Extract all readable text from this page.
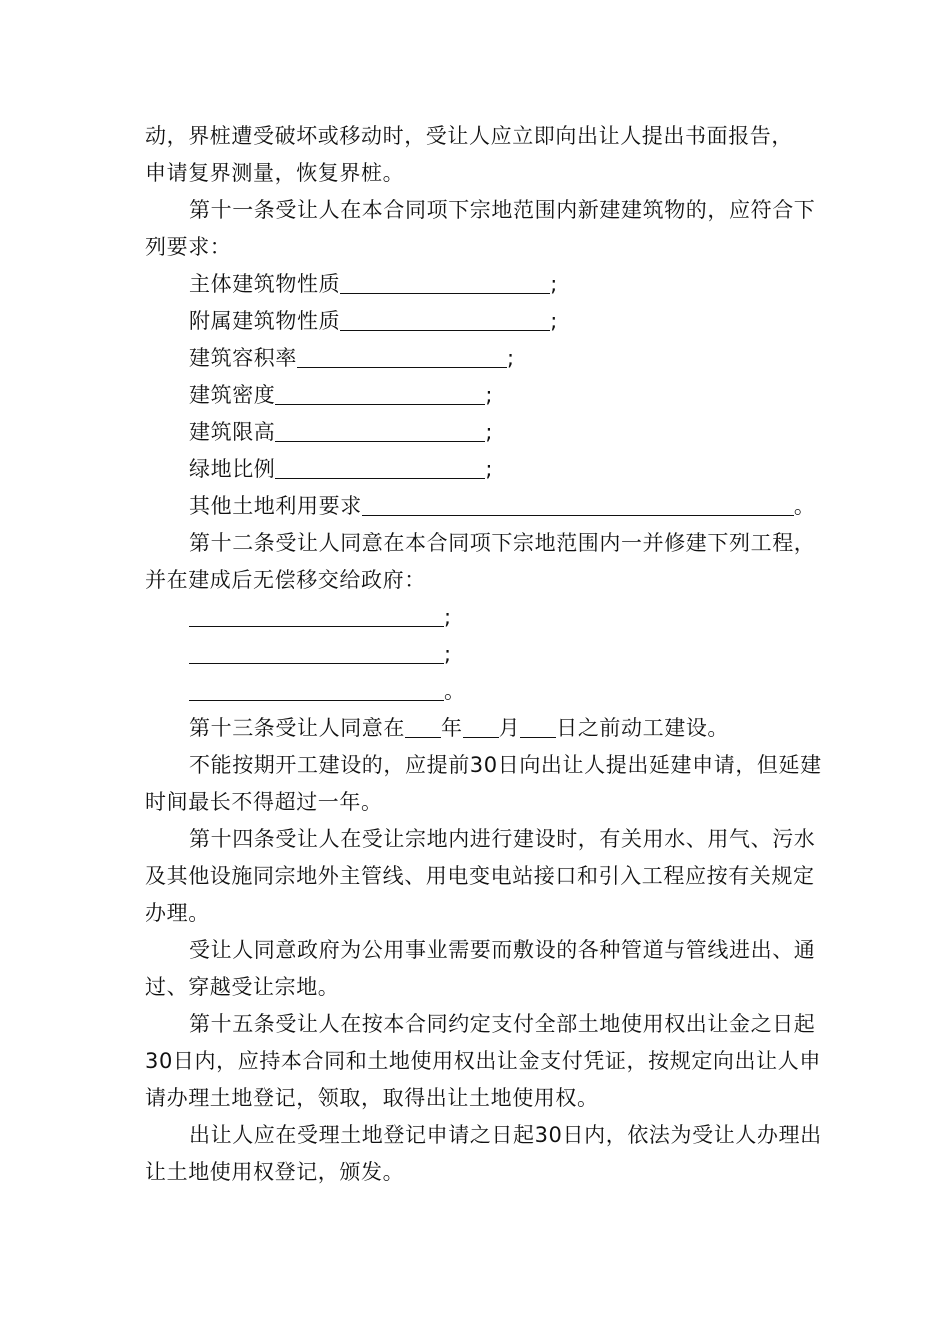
动，界桩遭受破坏或移动时，受让人应立即向出让人提出书面报告，
申请复界测量，恢复界桩。

第十一条受让人在本合同项下宗地范围内新建建筑物的，应符合下列要求：

主体建筑物性质	;
附属建筑物性质	;
建筑容积率	;
建筑密度	;
建筑限高	;
绿地比例	;
其他土地利用要求	。

第十二条受让人同意在本合同项下宗地范围内一并修建下列工程，并在建成后无偿移交给政府：

;
;
。
第十三条受让人同意在 年 月 日之前动工建设。

不能按期开工建设的，应提前30日向出让人提出延建申请，但延建时间最长不得超过一年。

第十四条受让人在受让宗地内进行建设时，有关用水、用气、污水及其他设施同宗地外主管线、用电变电站接口和引入工程应按有关规定办理。

受让人同意政府为公用事业需要而敷设的各种管道与管线进出、通过、穿越受让宗地。

第十五条受让人在按本合同约定支付全部土地使用权出让金之日起30日内，应持本合同和土地使用权出让金支付凭证，按规定向出让人申请办理土地登记，领取，取得出让土地使用权。

出让人应在受理土地登记申请之日起30日内，依法为受让人办理出让土地使用权登记，颁发。
